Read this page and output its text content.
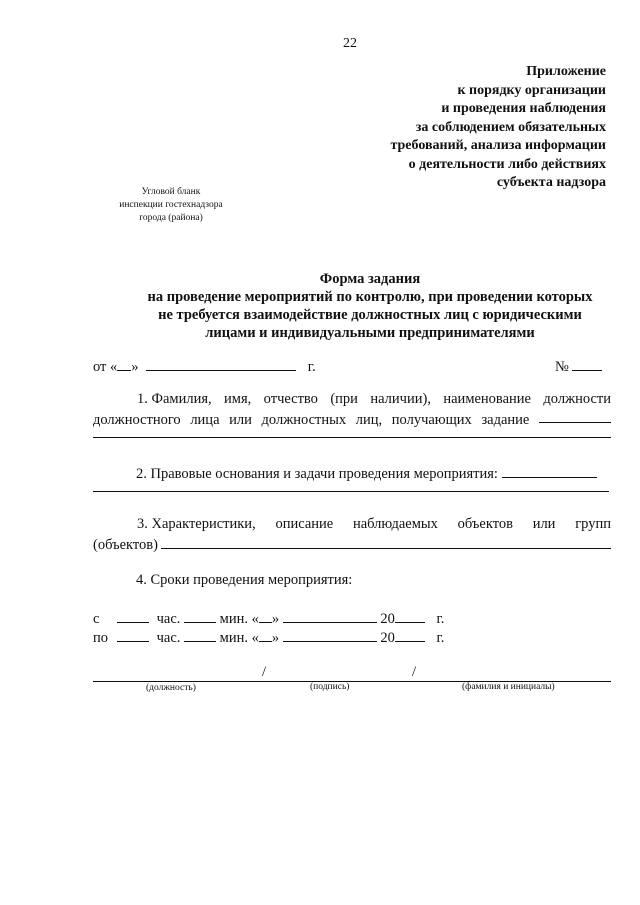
22
Приложение
к порядку организации
и проведения наблюдения
за соблюдением обязательных
требований, анализа информации
о деятельности либо действиях
субъекта надзора
Угловой бланк
инспекции гостехнадзора
города (района)
Форма задания
на проведение мероприятий по контролю, при проведении которых
не требуется взаимодействие должностных лиц с юридическими
лицами и индивидуальными предпринимателями
от « »	г.	№
1. Фамилия, имя, отчество (при наличии), наименование должности
должностного лица или должностных лиц, получающих задание
2. Правовые основания и задачи проведения мероприятия:
3. Характеристики, описание наблюдаемых объектов или групп
(объектов)
4. Сроки проведения мероприятия:
с	час.	мин. « »	20	г.
по	час.	мин. « »	20	г.
/	/
(должность)	(подпись)	(фамилия и инициалы)
